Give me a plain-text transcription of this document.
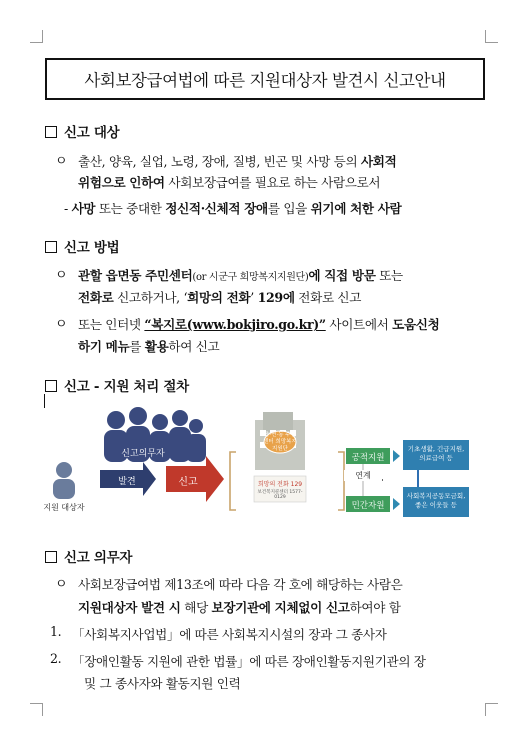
사회보장급여법에 따른 지원대상자 발견시 신고안내
신고 대상
ㅇ 출산, 양육, 실업, 노령, 장애, 질병, 빈곤 및 사망 등의 사회적
위험으로 인하여 사회보장급여를 필요로 하는 사람으로서
- 사망 또는 중대한 정신적·신체적 장애를 입을 위기에 처한 사람
신고 방법
ㅇ 관할 읍면동 주민센터(or 시군구 희망복지지원단)에 직접 방문 또는
전화로 신고하거나, ‘희망의 전화’ 129에 전화로 신고
ㅇ 또는 인터넷 “복지로(www.bokjiro.go.kr)” 사이트에서 도움신청
하기 메뉴를 활용하여 신고
신고 - 지원 처리 절차
신고의무자
발견	신고
지원 대상자
읍·면·동 주민센터 희망복지지원단
희망의 전화 129
보건복지콜센터 1577-0129
연계
공적지원
민간자원
기초생활, 긴급지원, 의료급여 등
사회복지공동모금회, 좋은 이웃들 등
신고 의무자
ㅇ 사회보장급여법 제13조에 따라 다음 각 호에 해당하는 사람은
지원대상자 발견 시 해당 보장기관에 지체없이 신고하여야 함
1. 「사회복지사업법」에 따른 사회복지시설의 장과 그 종사자
2. 「장애인활동 지원에 관한 법률」에 따른 장애인활동지원기관의 장
및 그 종사자와 활동지원 인력
